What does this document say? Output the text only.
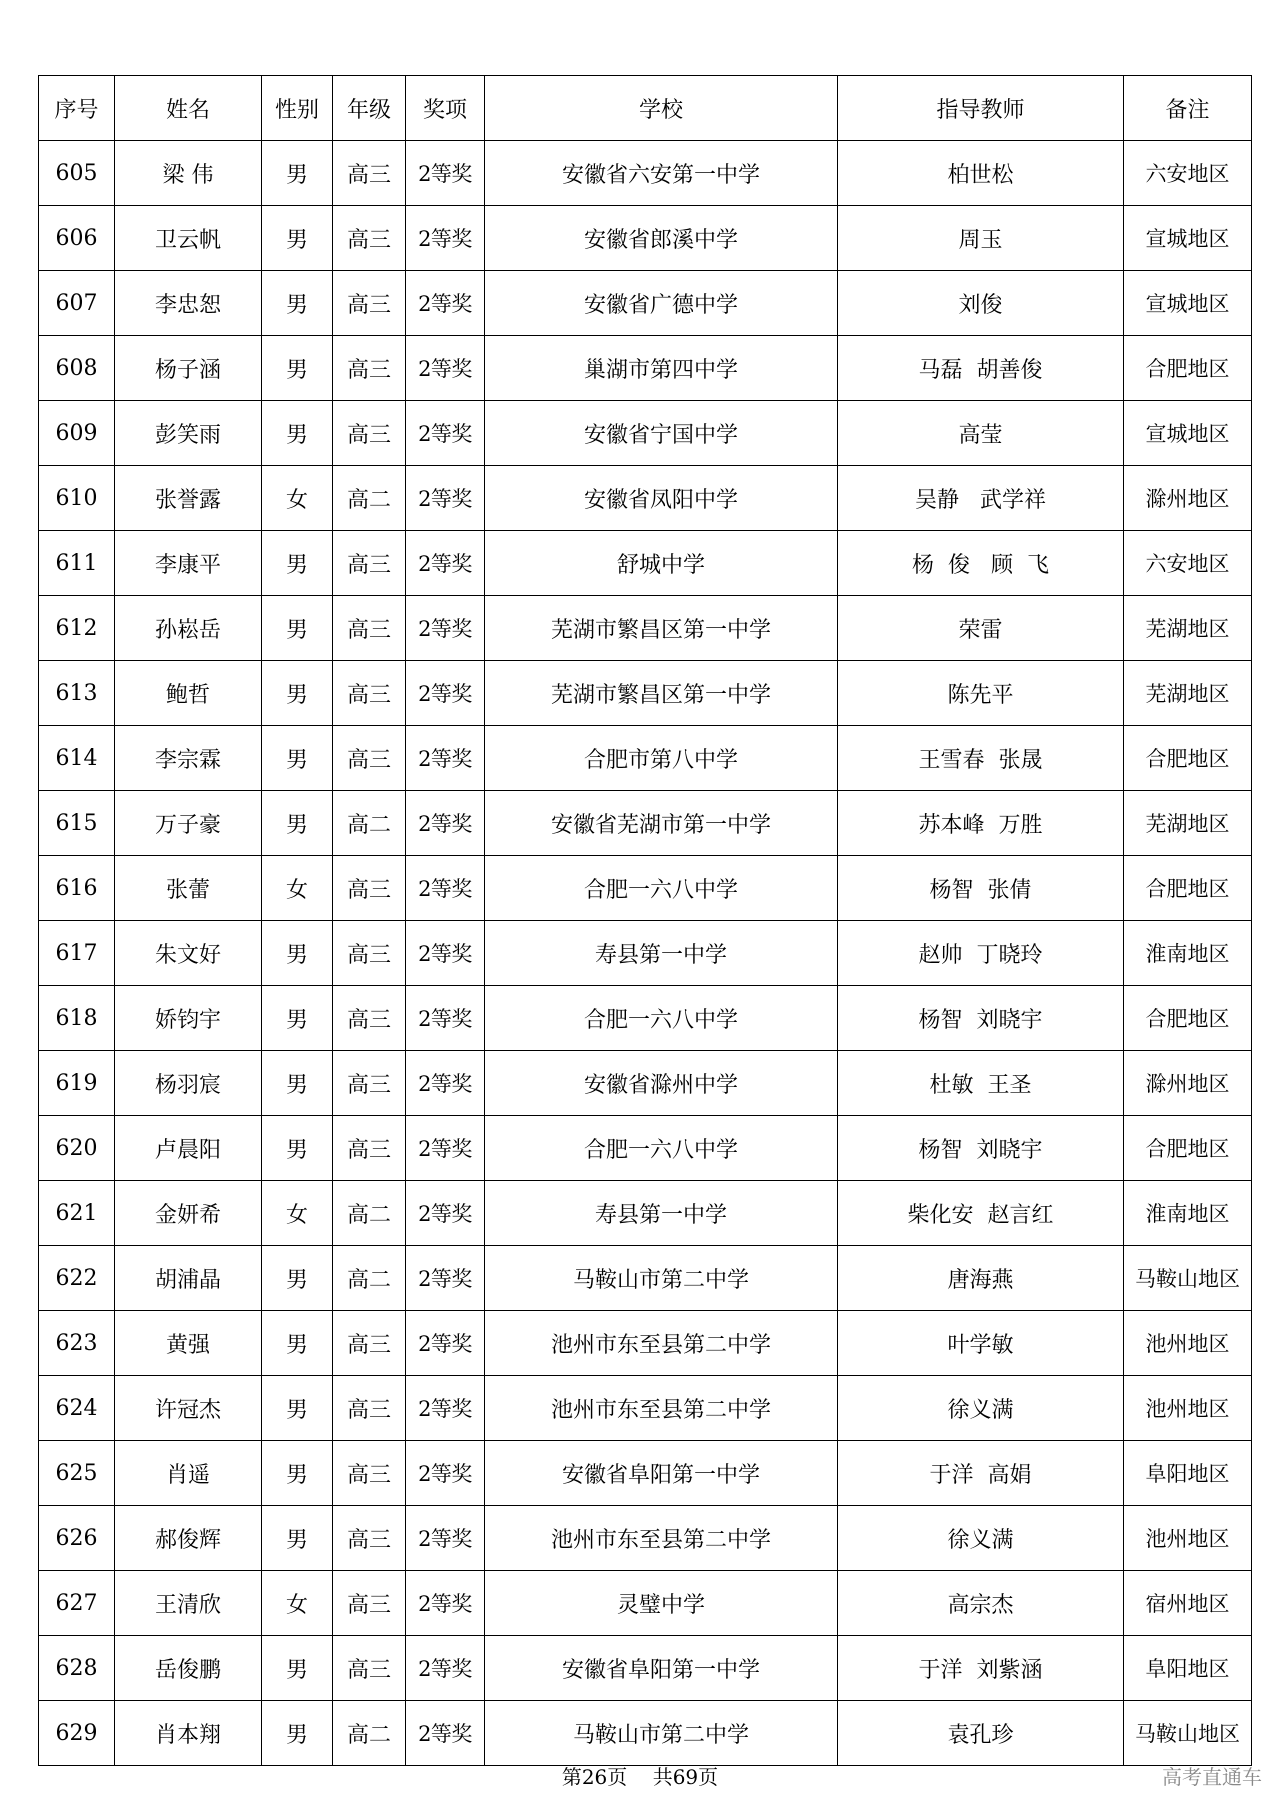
序号	姓名	性别	年级	奖项	学校	指导教师	备注
605	梁 伟	男	高三	2等奖	安徽省六安第一中学	柏世松	六安地区
606	卫云帆	男	高三	2等奖	安徽省郎溪中学	周玉	宣城地区
607	李忠恕	男	高三	2等奖	安徽省广德中学	刘俊	宣城地区
608	杨子涵	男	高三	2等奖	巢湖市第四中学	马磊  胡善俊	合肥地区
609	彭笑雨	男	高三	2等奖	安徽省宁国中学	高莹	宣城地区
610	张誉露	女	高二	2等奖	安徽省凤阳中学	吴静   武学祥	滁州地区
611	李康平	男	高三	2等奖	舒城中学	杨  俊   顾  飞	六安地区
612	孙崧岳	男	高三	2等奖	芜湖市繁昌区第一中学	荣雷	芜湖地区
613	鲍哲	男	高三	2等奖	芜湖市繁昌区第一中学	陈先平	芜湖地区
614	李宗霖	男	高三	2等奖	合肥市第八中学	王雪春  张晟	合肥地区
615	万子豪	男	高二	2等奖	安徽省芜湖市第一中学	苏本峰  万胜	芜湖地区
616	张蕾	女	高三	2等奖	合肥一六八中学	杨智  张倩	合肥地区
617	朱文好	男	高三	2等奖	寿县第一中学	赵帅  丁晓玲	淮南地区
618	娇钧宇	男	高三	2等奖	合肥一六八中学	杨智  刘晓宇	合肥地区
619	杨羽宸	男	高三	2等奖	安徽省滁州中学	杜敏  王圣	滁州地区
620	卢晨阳	男	高三	2等奖	合肥一六八中学	杨智  刘晓宇	合肥地区
621	金妍希	女	高二	2等奖	寿县第一中学	柴化安  赵言红	淮南地区
622	胡浦晶	男	高二	2等奖	马鞍山市第二中学	唐海燕	马鞍山地区
623	黄强	男	高三	2等奖	池州市东至县第二中学	叶学敏	池州地区
624	许冠杰	男	高三	2等奖	池州市东至县第二中学	徐义满	池州地区
625	肖遥	男	高三	2等奖	安徽省阜阳第一中学	于洋  高娟	阜阳地区
626	郝俊辉	男	高三	2等奖	池州市东至县第二中学	徐义满	池州地区
627	王清欣	女	高三	2等奖	灵璧中学	高宗杰	宿州地区
628	岳俊鹏	男	高三	2等奖	安徽省阜阳第一中学	于洋  刘紫涵	阜阳地区
629	肖本翔	男	高二	2等奖	马鞍山市第二中学	袁孔珍	马鞍山地区
第26页    共69页	高考直通车
